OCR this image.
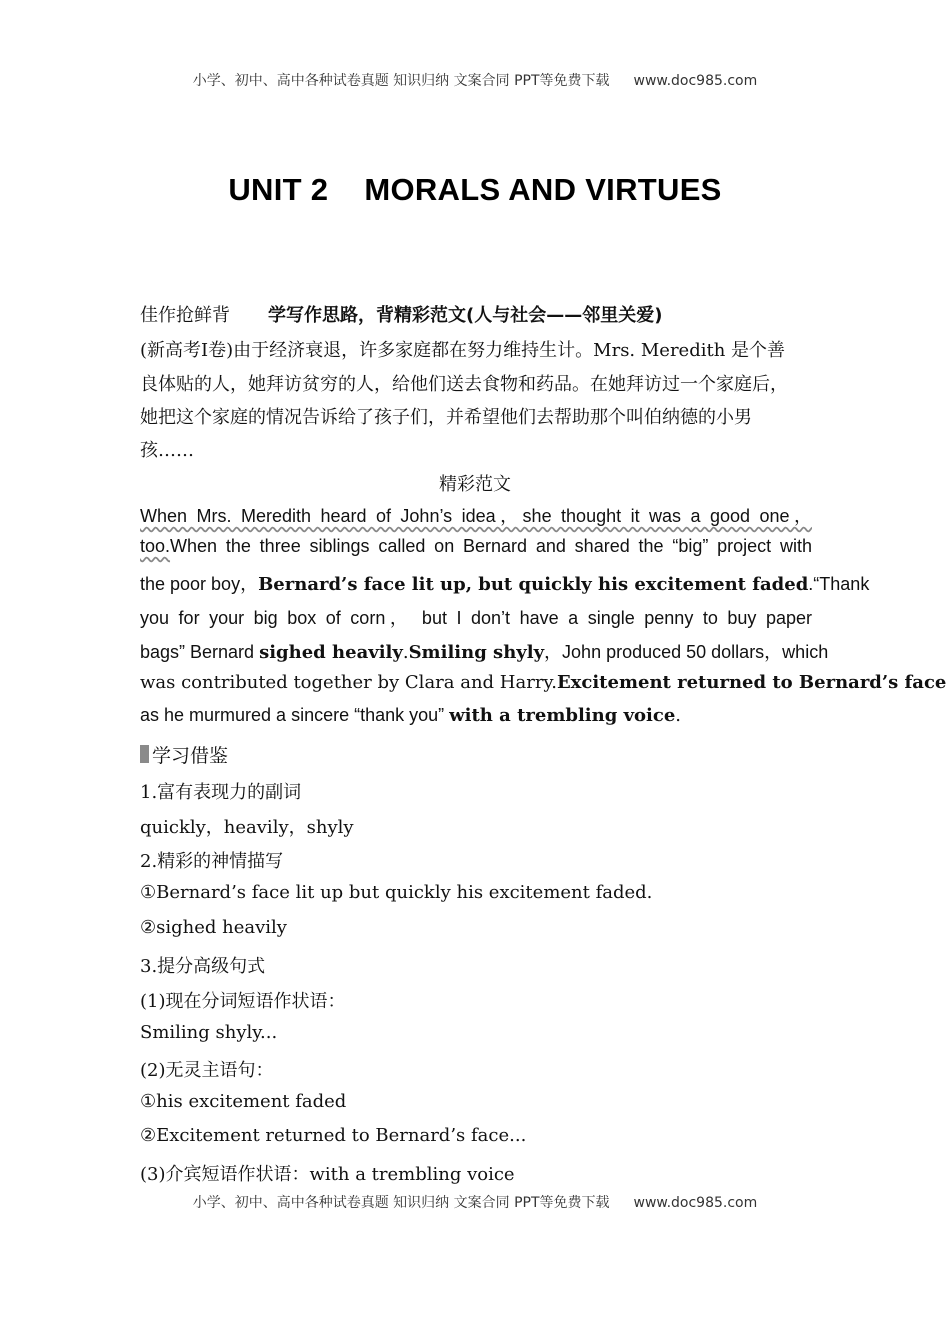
小学、初中、高中各种试卷真题 知识归纳 文案合同 PPT等免费下载 www.doc985.com
UNIT 2 MORALS AND VIRTUES
佳作抢鲜背 学写作思路，背精彩范文(人与社会——邻里关爱)
(新高考Ⅰ卷)由于经济衰退，许多家庭都在努力维持生计。Mrs. Meredith 是个善
良体贴的人，她拜访贫穷的人，给他们送去食物和药品。在她拜访过一个家庭后，
她把这个家庭的情况告诉给了孩子们，并希望他们去帮助那个叫伯纳德的小男
孩……
精彩范文
When Mrs. Meredith heard of John’s idea，she thought it was a good one，
too.When the three siblings called on Bernard and shared the “big” project with
the poor boy，Bernard’s face lit up, but quickly his excitement faded.“Thank
you for your big box of corn， but I don’t have a single penny to buy paper
bags” Bernard sighed heavily.Smiling shyly，John produced 50 dollars，which
was contributed together by Clara and Harry.Excitement returned to Bernard’s face
as he murmured a sincere “thank you” with a trembling voice.
学习借鉴
1.富有表现力的副词
quickly，heavily，shyly
2.精彩的神情描写
①Bernard’s face lit up but quickly his excitement faded.
②sighed heavily
3.提分高级句式
(1)现在分词短语作状语：
Smiling shyly...
(2)无灵主语句：
①his excitement faded
②Excitement returned to Bernard’s face...
(3)介宾短语作状语：with a trembling voice
小学、初中、高中各种试卷真题 知识归纳 文案合同 PPT等免费下载 www.doc985.com
